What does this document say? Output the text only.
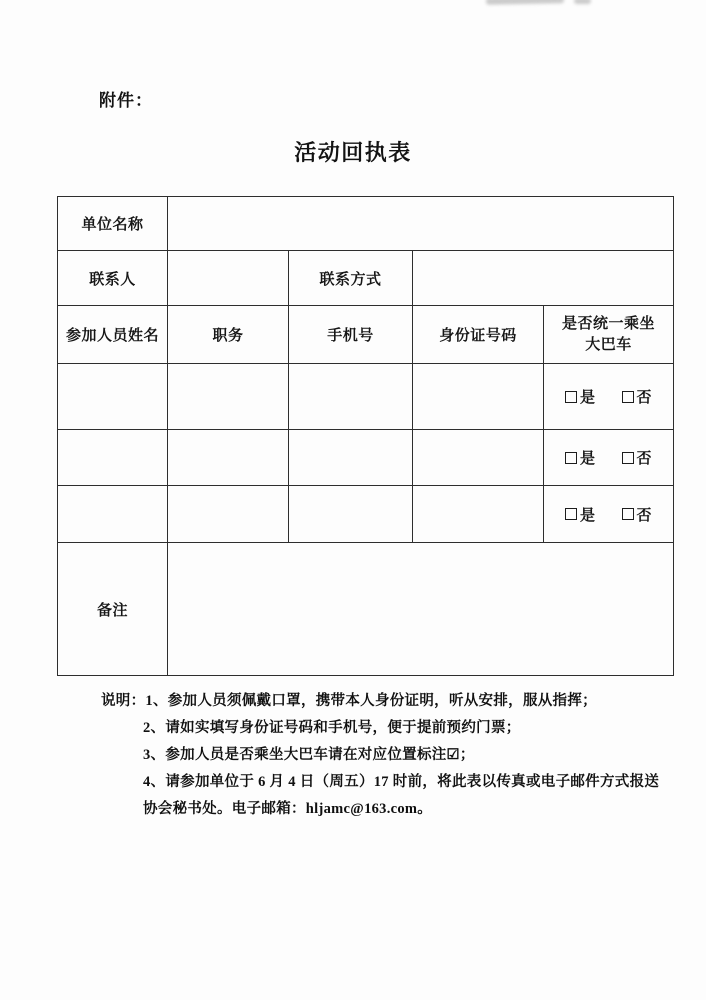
附件：
活动回执表
单位名称				
联系人		联系方式		
参加人员姓名	职务	手机号	身份证号码	是否统一乘坐
大巴车

				是 否

				是 否

				是 否

备注				
说明：1、参加人员须佩戴口罩，携带本人身份证明，听从安排，服从指挥；
2、请如实填写身份证号码和手机号，便于提前预约门票；
3、参加人员是否乘坐大巴车请在对应位置标注☑；
4、请参加单位于 6 月 4 日（周五）17 时前，将此表以传真或电子邮件方式报送
协会秘书处。电子邮箱：hljamc@163.com。
